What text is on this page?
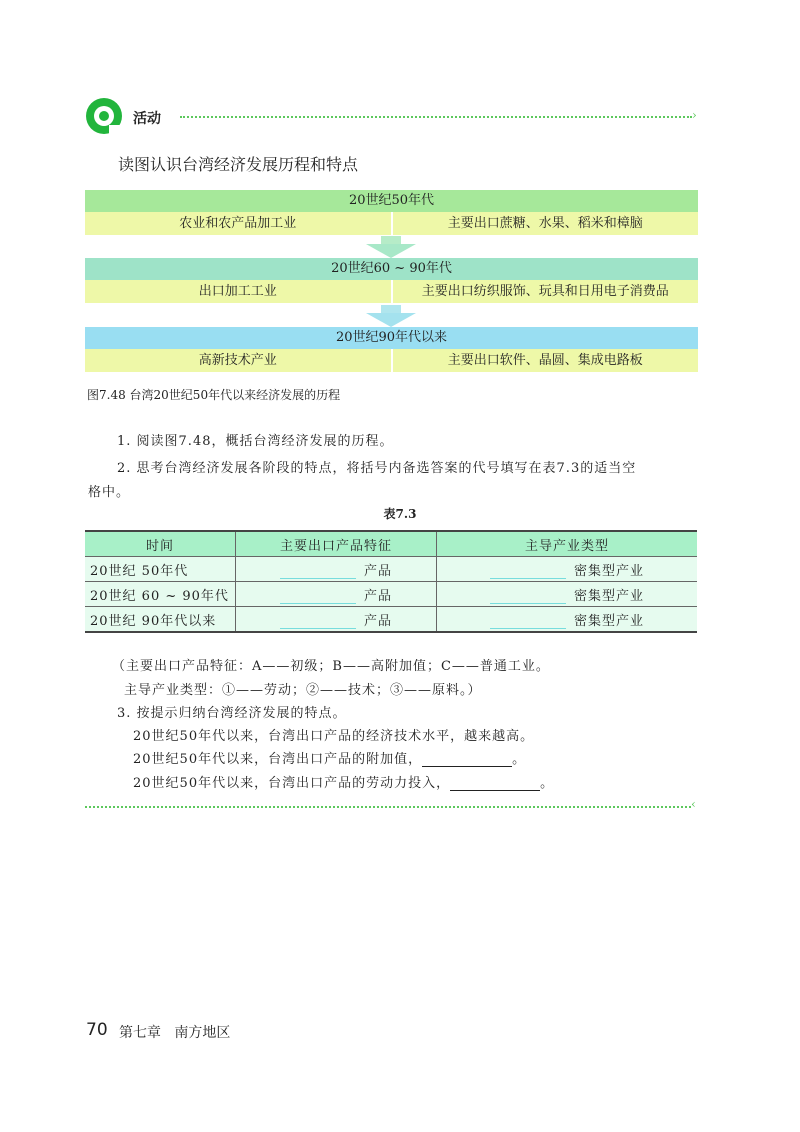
活动	›
读图认识台湾经济发展历程和特点
20世纪50年代
农业和农产品加工业	主要出口蔗糖、水果、稻米和樟脑
20世纪60 ~ 90年代
出口加工工业	主要出口纺织服饰、玩具和日用电子消费品
20世纪90年代以来
高新技术产业	主要出口软件、晶圆、集成电路板
图7.48 台湾20世纪50年代以来经济发展的历程
1. 阅读图7.48，概括台湾经济发展的历程。
2. 思考台湾经济发展各阶段的特点，将括号内备选答案的代号填写在表7.3的适当空
格中。
表7.3
时间	主要出口产品特征	主导产业类型
20世纪 50年代	产品	密集型产业
20世纪 60 ~ 90年代	产品	密集型产业
20世纪 90年代以来	产品	密集型产业
（主要出口产品特征：A——初级；B——高附加值；C——普通工业。
主导产业类型：①——劳动；②——技术；③——原料。）
3. 按提示归纳台湾经济发展的特点。
20世纪50年代以来，台湾出口产品的经济技术水平，越来越高。
20世纪50年代以来，台湾出口产品的附加值，	。
20世纪50年代以来，台湾出口产品的劳动力投入，	。
‹
70 第七章   南方地区
